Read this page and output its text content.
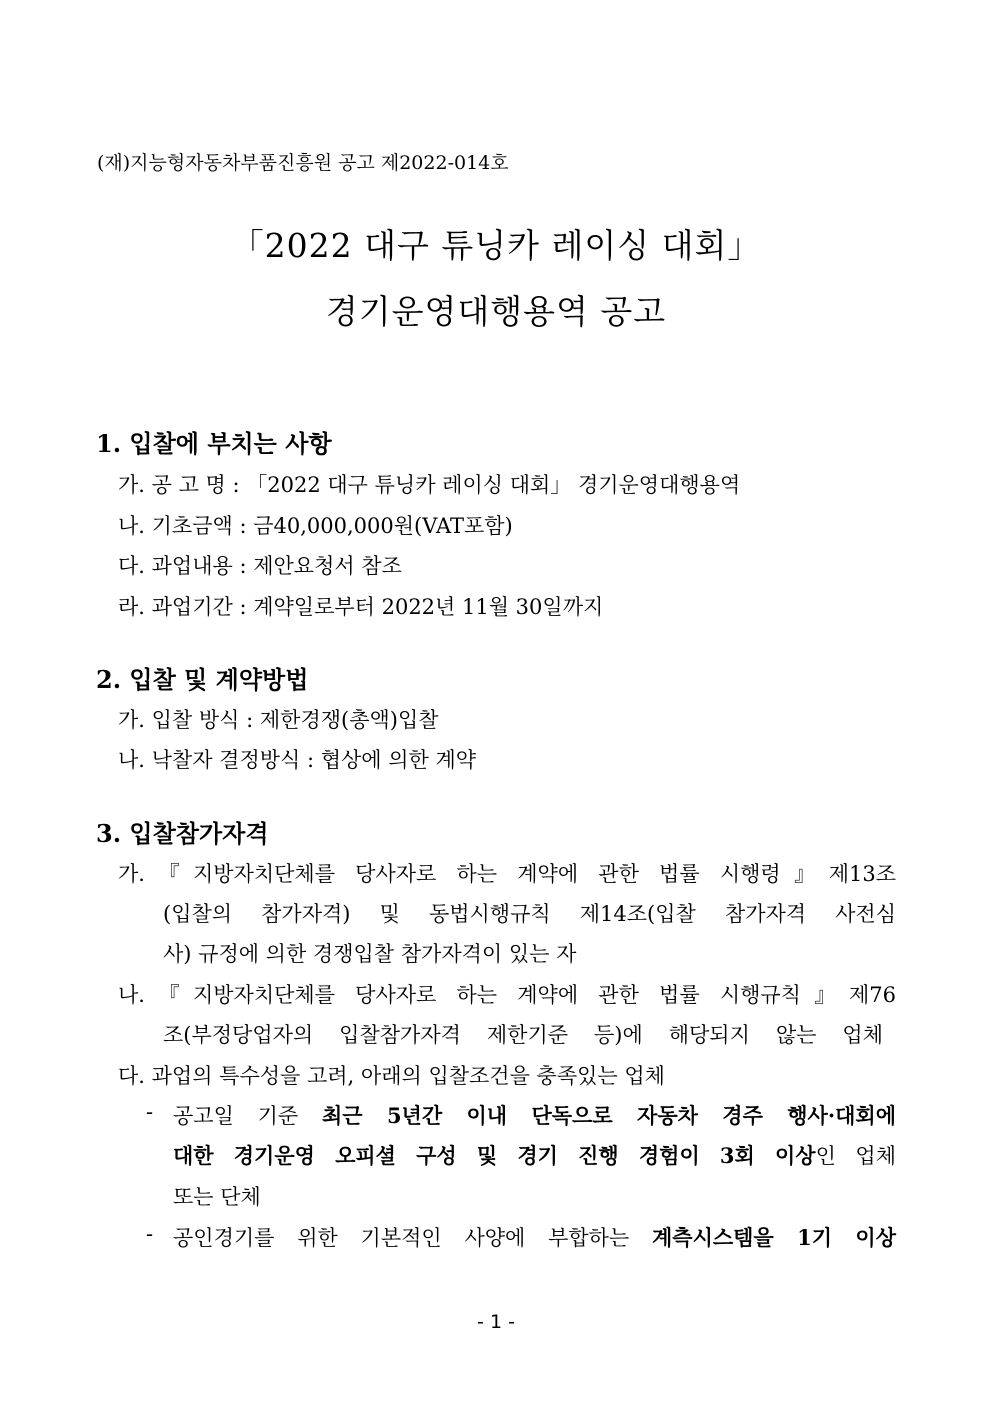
(재)지능형자동차부품진흥원 공고 제2022-014호
「2022 대구 튜닝카 레이싱 대회」
경기운영대행용역 공고
1. 입찰에 부치는 사항
가. 공 고 명 : 「2022 대구 튜닝카 레이싱 대회」 경기운영대행용역
나. 기초금액 : 금40,000,000원(VAT포함)
다. 과업내용 : 제안요청서 참조
라. 과업기간 : 계약일로부터 2022년 11월 30일까지
2. 입찰 및 계약방법
가. 입찰 방식 : 제한경쟁(총액)입찰
나. 낙찰자 결정방식 : 협상에 의한 계약
3. 입찰참가자격
가.『지방자치단체를 당사자로 하는 계약에 관한 법률 시행령』제13조
(입찰의 참가자격) 및 동법시행규칙 제14조(입찰 참가자격 사전심
사) 규정에 의한 경쟁입찰 참가자격이 있는 자
나.『지방자치단체를 당사자로 하는 계약에 관한 법률 시행규칙』제76
조(부정당업자의 입찰참가자격 제한기준 등)에 해당되지 않는 업체
다. 과업의 특수성을 고려, 아래의 입찰조건을 충족있는 업체
- 공고일 기준 최근 5년간 이내 단독으로 자동차 경주 행사·대회에
대한 경기운영 오피셜 구성 및 경기 진행 경험이 3회 이상인 업체
또는 단체
- 공인경기를 위한 기본적인 사양에 부합하는 계측시스템을 1기 이상
- 1 -
